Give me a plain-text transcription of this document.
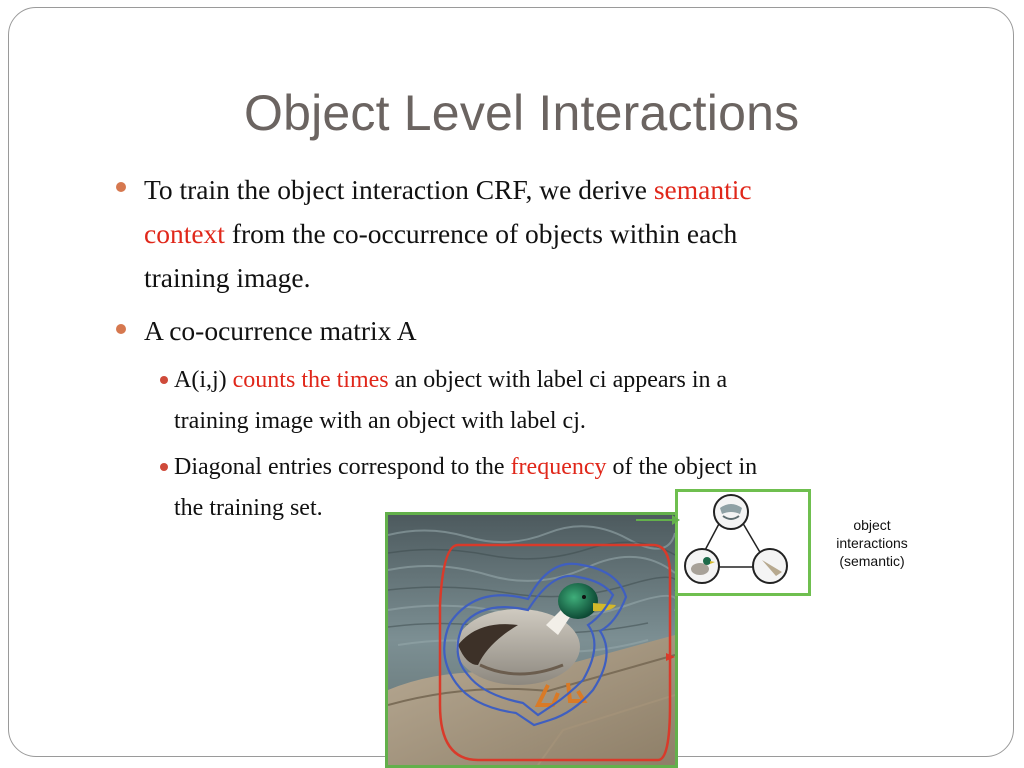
Object Level Interactions
To train the object interaction CRF, we derive semantic
context from the co-occurrence of objects within each
training image.
A co-ocurrence matrix A
A(i,j) counts the times an object with label ci appears in a
training image with an object with label cj.
Diagonal entries correspond to the frequency of the object in
the training set.
object
interactions
(semantic)
